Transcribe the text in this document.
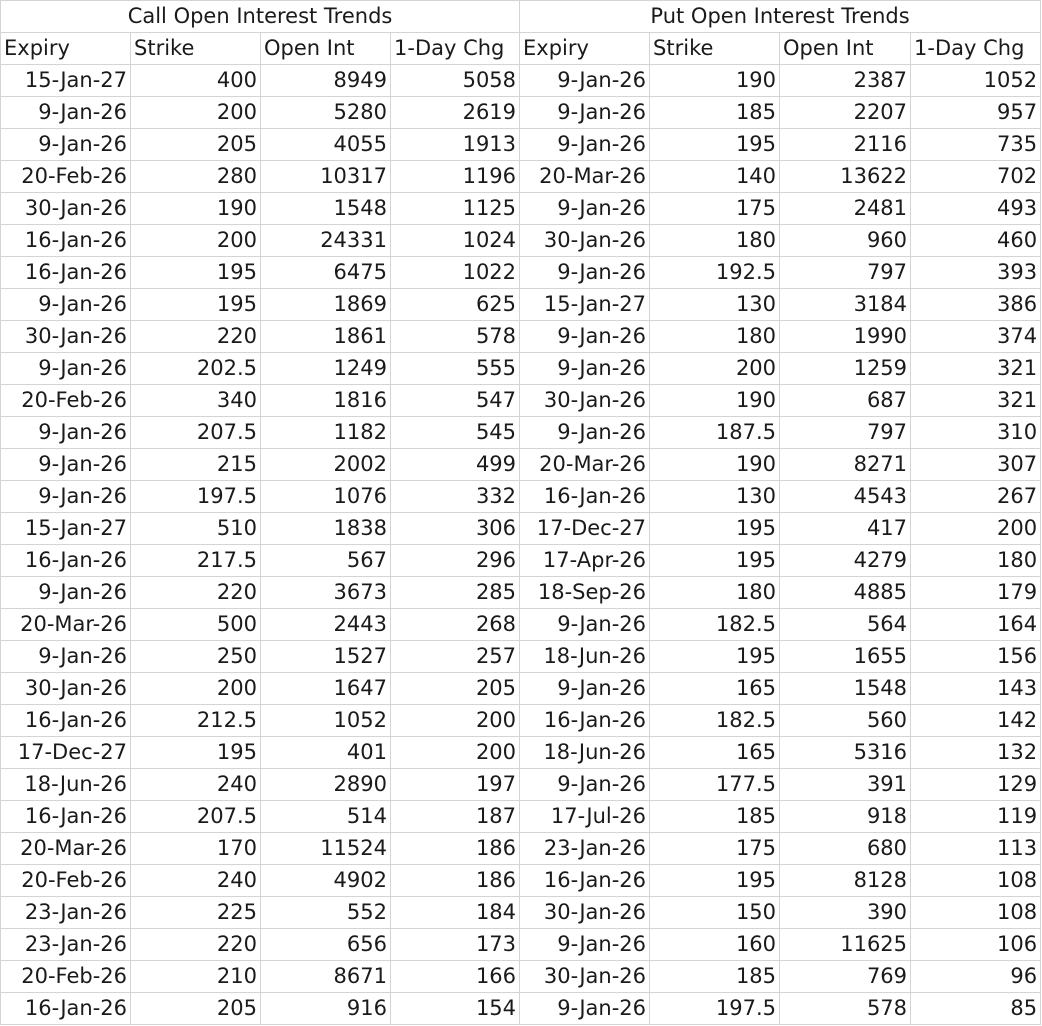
Call Open Interest Trends				Put Open Interest Trends			
Expiry	Strike	Open Int	1-Day Chg	Expiry	Strike	Open Int	1-Day Chg
15-Jan-27	400	8949	5058	9-Jan-26	190	2387	1052
9-Jan-26	200	5280	2619	9-Jan-26	185	2207	957
9-Jan-26	205	4055	1913	9-Jan-26	195	2116	735
20-Feb-26	280	10317	1196	20-Mar-26	140	13622	702
30-Jan-26	190	1548	1125	9-Jan-26	175	2481	493
16-Jan-26	200	24331	1024	30-Jan-26	180	960	460
16-Jan-26	195	6475	1022	9-Jan-26	192.5	797	393
9-Jan-26	195	1869	625	15-Jan-27	130	3184	386
30-Jan-26	220	1861	578	9-Jan-26	180	1990	374
9-Jan-26	202.5	1249	555	9-Jan-26	200	1259	321
20-Feb-26	340	1816	547	30-Jan-26	190	687	321
9-Jan-26	207.5	1182	545	9-Jan-26	187.5	797	310
9-Jan-26	215	2002	499	20-Mar-26	190	8271	307
9-Jan-26	197.5	1076	332	16-Jan-26	130	4543	267
15-Jan-27	510	1838	306	17-Dec-27	195	417	200
16-Jan-26	217.5	567	296	17-Apr-26	195	4279	180
9-Jan-26	220	3673	285	18-Sep-26	180	4885	179
20-Mar-26	500	2443	268	9-Jan-26	182.5	564	164
9-Jan-26	250	1527	257	18-Jun-26	195	1655	156
30-Jan-26	200	1647	205	9-Jan-26	165	1548	143
16-Jan-26	212.5	1052	200	16-Jan-26	182.5	560	142
17-Dec-27	195	401	200	18-Jun-26	165	5316	132
18-Jun-26	240	2890	197	9-Jan-26	177.5	391	129
16-Jan-26	207.5	514	187	17-Jul-26	185	918	119
20-Mar-26	170	11524	186	23-Jan-26	175	680	113
20-Feb-26	240	4902	186	16-Jan-26	195	8128	108
23-Jan-26	225	552	184	30-Jan-26	150	390	108
23-Jan-26	220	656	173	9-Jan-26	160	11625	106
20-Feb-26	210	8671	166	30-Jan-26	185	769	96
16-Jan-26	205	916	154	9-Jan-26	197.5	578	85
